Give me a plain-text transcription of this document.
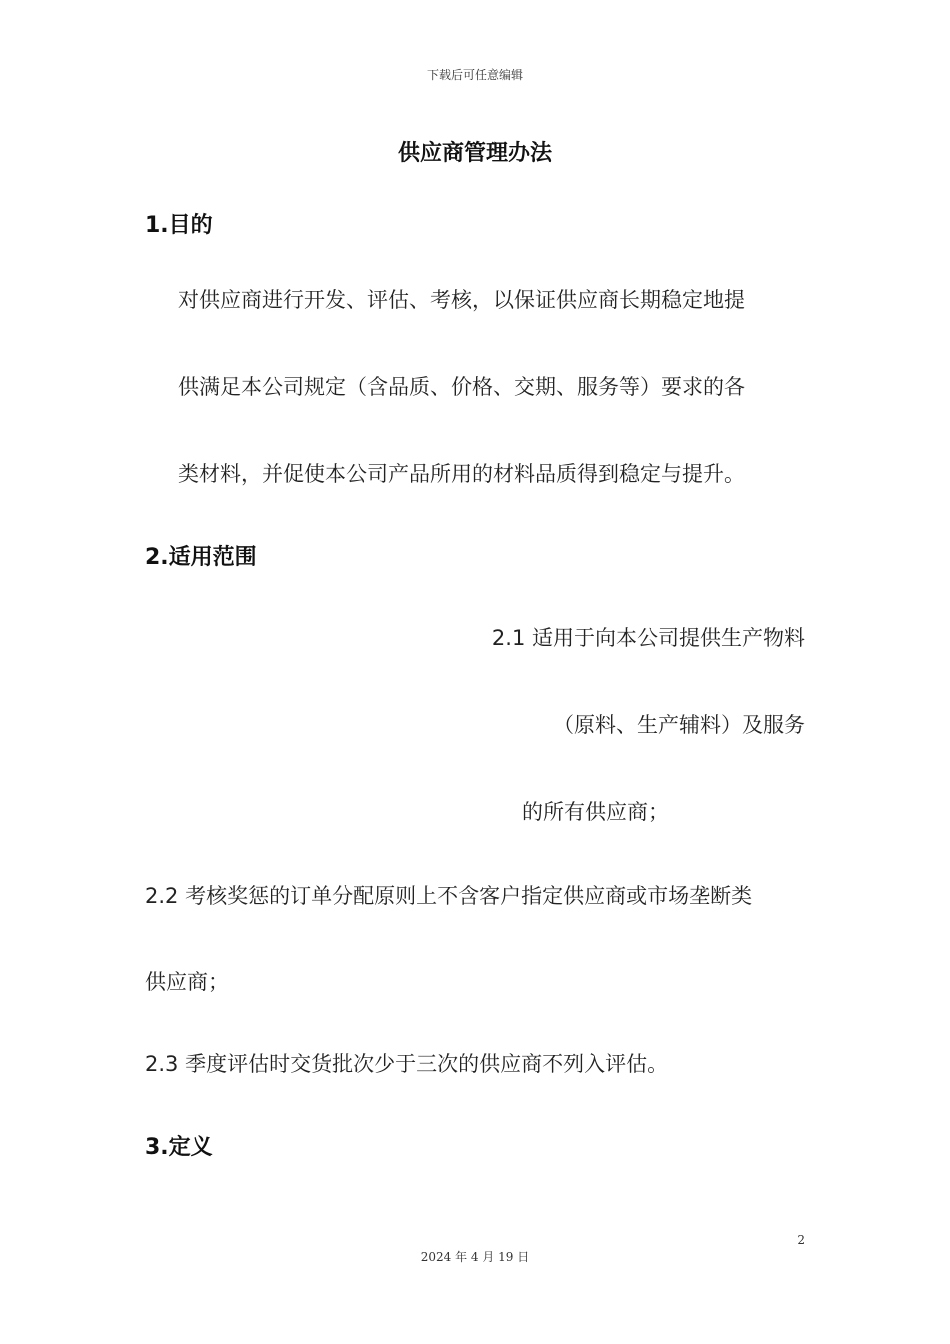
下载后可任意编辑
供应商管理办法
1.目的
对供应商进行开发、评估、考核，以保证供应商长期稳定地提
供满足本公司规定（含品质、价格、交期、服务等）要求的各
类材料，并促使本公司产品所用的材料品质得到稳定与提升。
2.适用范围
2.1 适用于向本公司提供生产物料
（原料、生产辅料）及服务
的所有供应商；
2.2 考核奖惩的订单分配原则上不含客户指定供应商或市场垄断类
供应商；
2.3 季度评估时交货批次少于三次的供应商不列入评估。
3.定义
2
2024 年 4 月 19 日
